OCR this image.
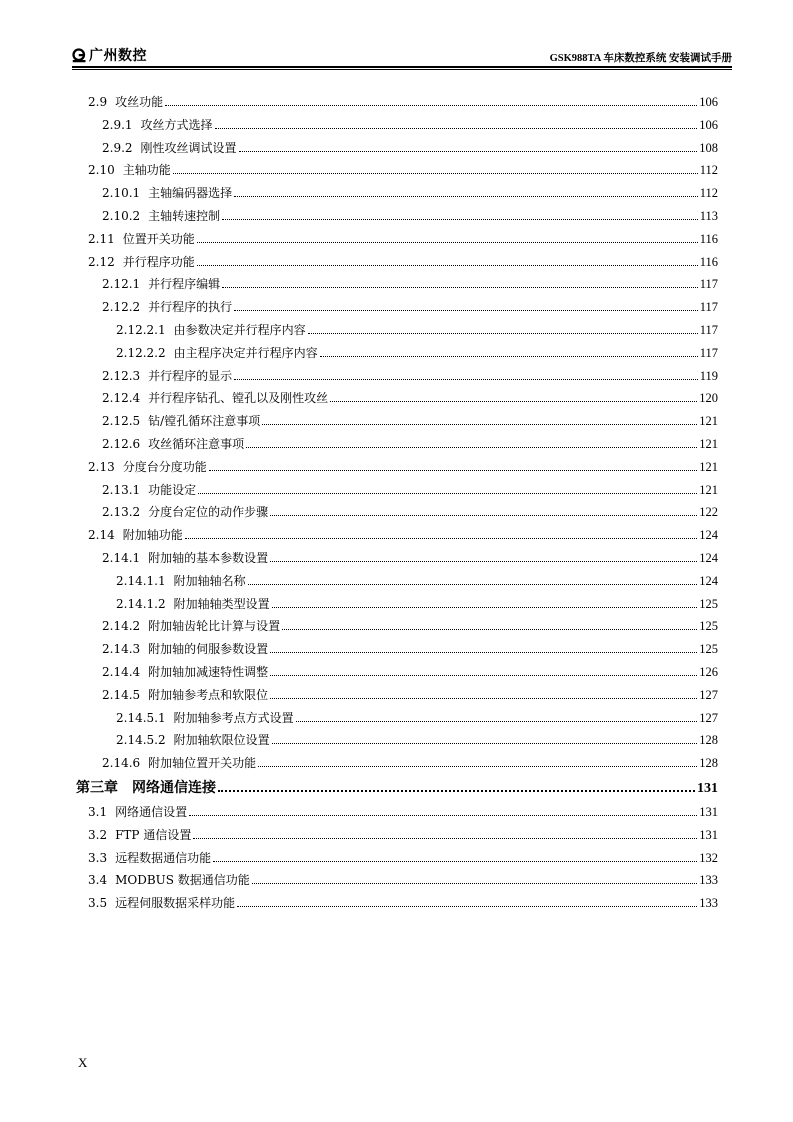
广州数控	GSK988TA 车床数控系统 安装调试手册
2.9 攻丝功能	106
2.9.1 攻丝方式选择	106
2.9.2 刚性攻丝调试设置	108
2.10 主轴功能	112
2.10.1 主轴编码器选择	112
2.10.2 主轴转速控制	113
2.11 位置开关功能	116
2.12 并行程序功能	116
2.12.1 并行程序编辑	117
2.12.2 并行程序的执行	117
2.12.2.1 由参数决定并行程序内容	117
2.12.2.2 由主程序决定并行程序内容	117
2.12.3 并行程序的显示	119
2.12.4 并行程序钻孔、镗孔以及刚性攻丝	120
2.12.5 钻/镗孔循环注意事项	121
2.12.6 攻丝循环注意事项	121
2.13 分度台分度功能	121
2.13.1 功能设定	121
2.13.2 分度台定位的动作步骤	122
2.14 附加轴功能	124
2.14.1 附加轴的基本参数设置	124
2.14.1.1 附加轴轴名称	124
2.14.1.2 附加轴轴类型设置	125
2.14.2 附加轴齿轮比计算与设置	125
2.14.3 附加轴的伺服参数设置	125
2.14.4 附加轴加减速特性调整	126
2.14.5 附加轴参考点和软限位	127
2.14.5.1 附加轴参考点方式设置	127
2.14.5.2 附加轴软限位设置	128
2.14.6 附加轴位置开关功能	128
第三章 网络通信连接	131
3.1 网络通信设置	131
3.2 FTP 通信设置	131
3.3 远程数据通信功能	132
3.4 MODBUS 数据通信功能	133
3.5 远程伺服数据采样功能	133
X
